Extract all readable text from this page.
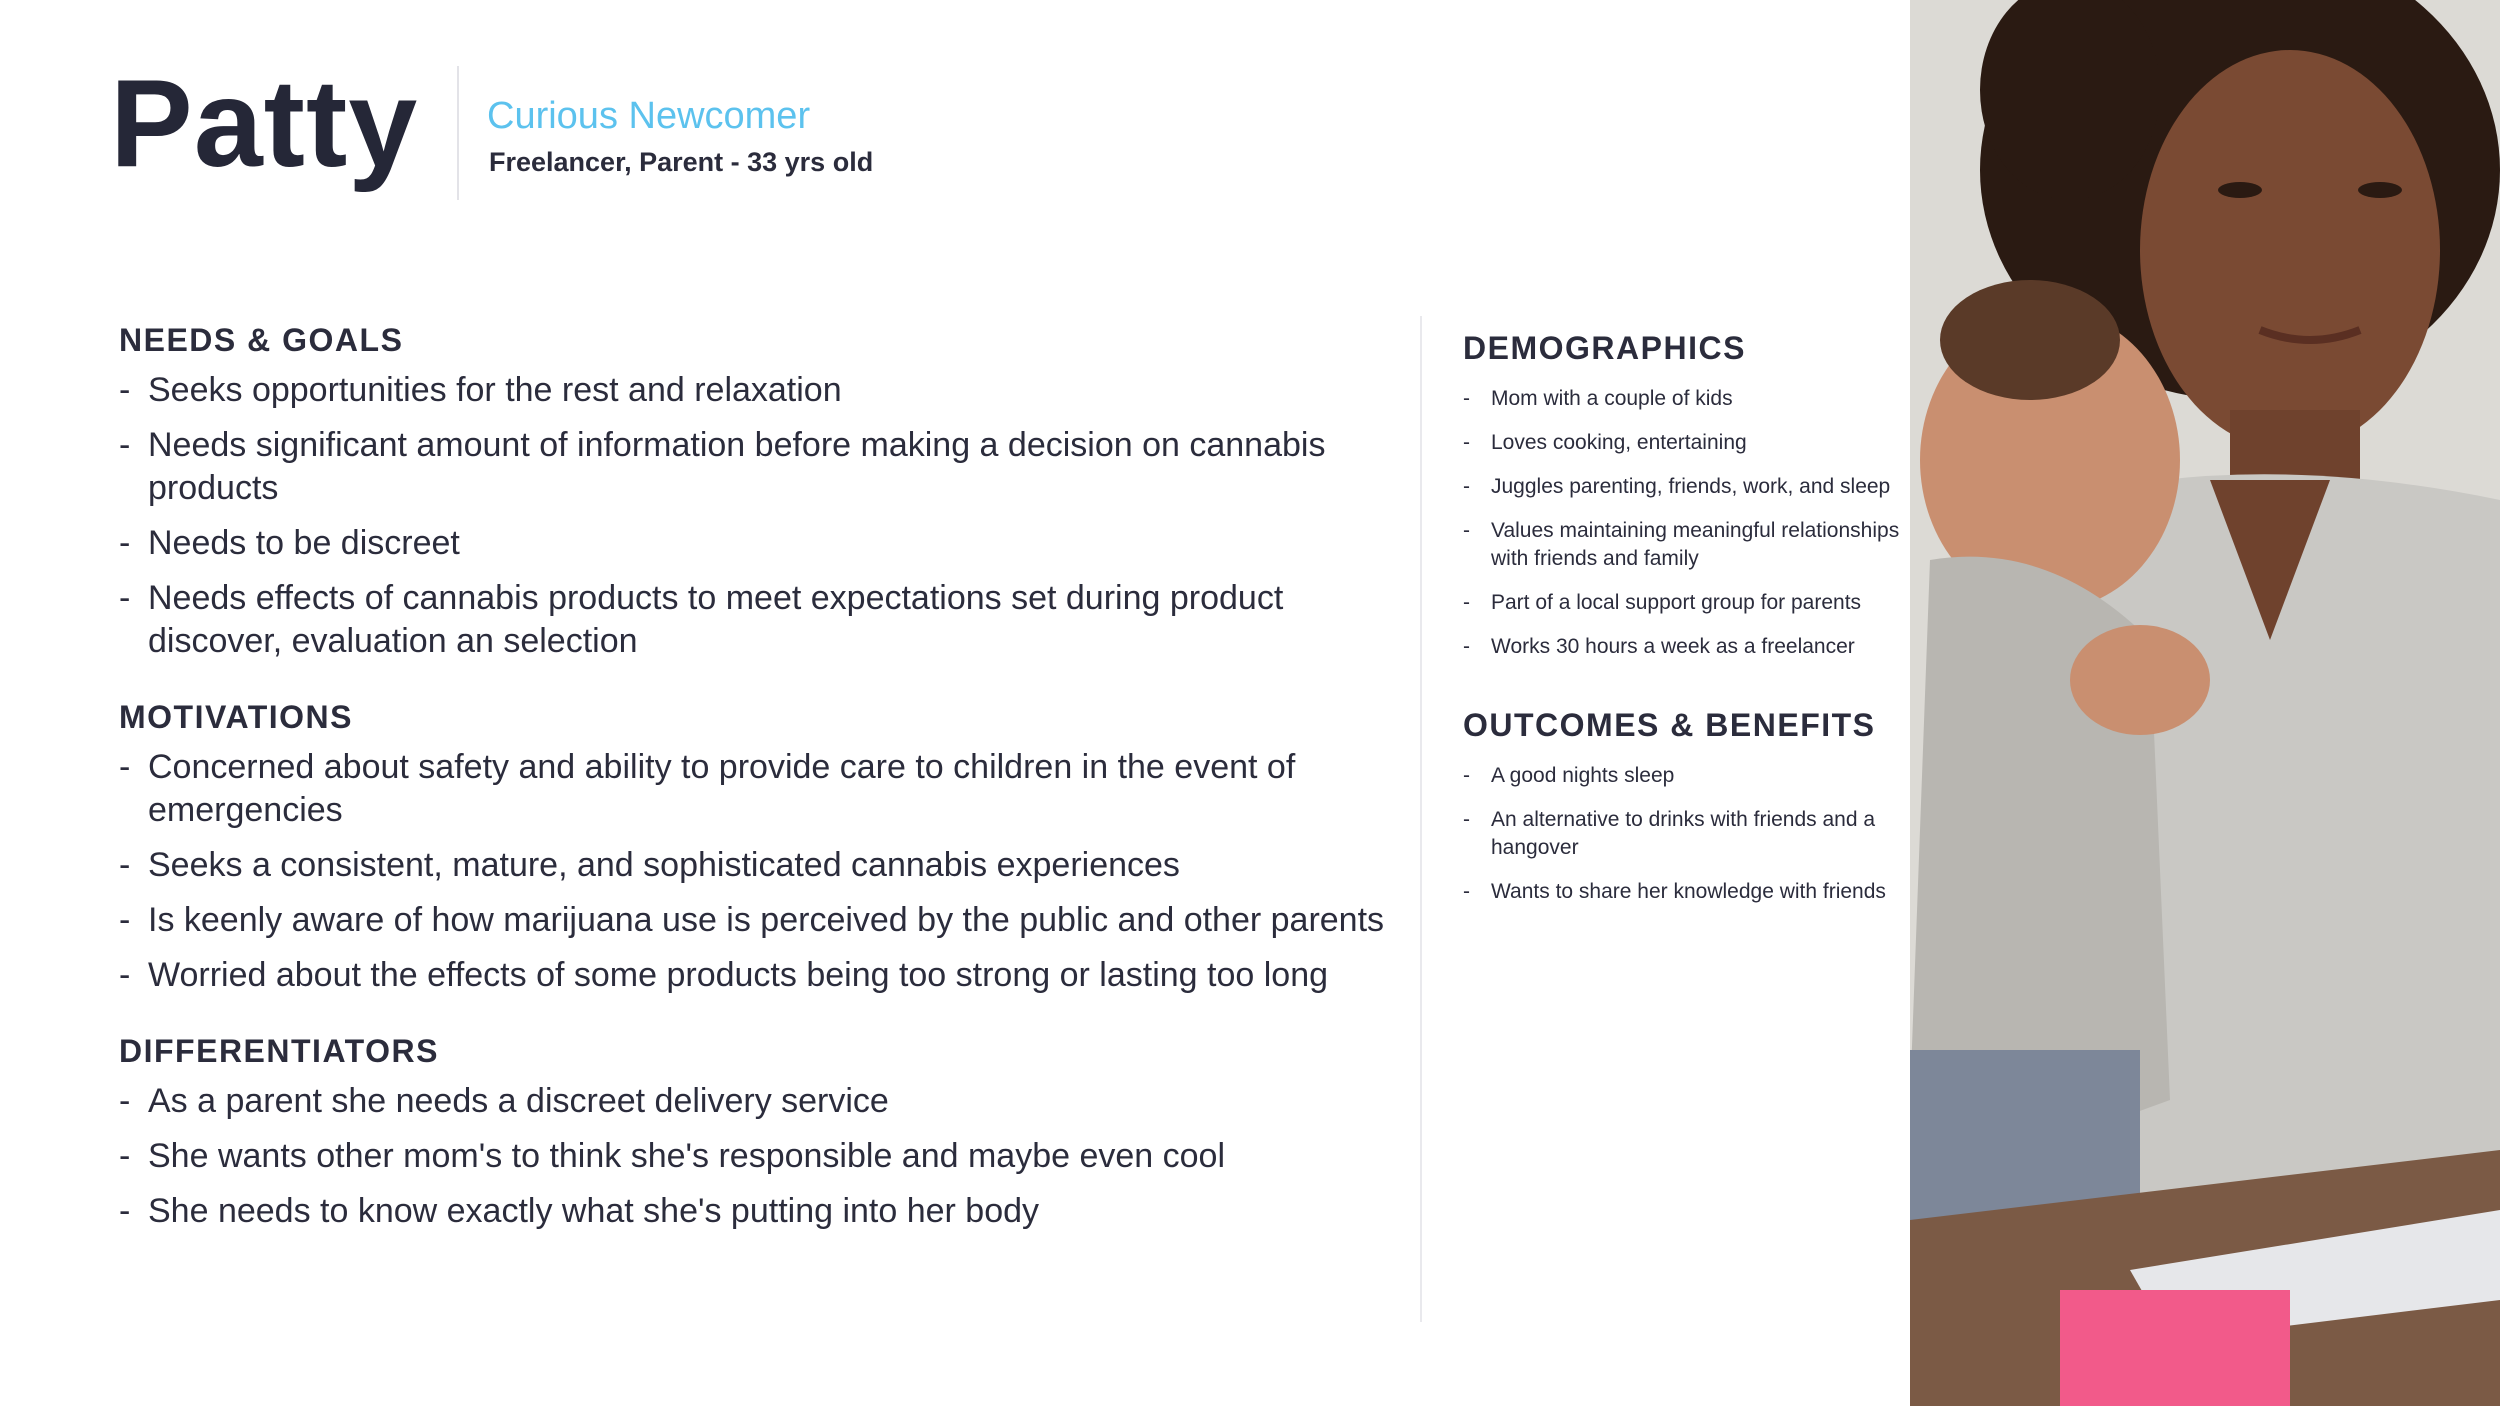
Patty Curious Newcomer
Freelancer, Parent - 33 yrs old
NEEDS & GOALS
- Seeks opportunities for the rest and relaxation
- Needs significant amount of information before making a decision on cannabis products
- Needs to be discreet
- Needs effects of cannabis products to meet expectations set during product discover, evaluation an selection
MOTIVATIONS
- Concerned about safety and ability to provide care to children in the event of emergencies
- Seeks a consistent, mature, and sophisticated cannabis experiences
- Is keenly aware of how marijuana use is perceived by the public and other parents
- Worried about the effects of some products being too strong or lasting too long
DIFFERENTIATORS
- As a parent she needs a discreet delivery service
- She wants other mom's to think she's responsible and maybe even cool
- She needs to know exactly what she's putting into her body
DEMOGRAPHICS
- Mom with a couple of kids
- Loves cooking, entertaining
- Juggles parenting, friends, work, and sleep
- Values maintaining meaningful relationships with friends and family
- Part of a local support group for parents
- Works 30 hours a week as a freelancer
OUTCOMES & BENEFITS
- A good nights sleep
- An alternative to drinks with friends and a hangover
- Wants to share her knowledge with friends
